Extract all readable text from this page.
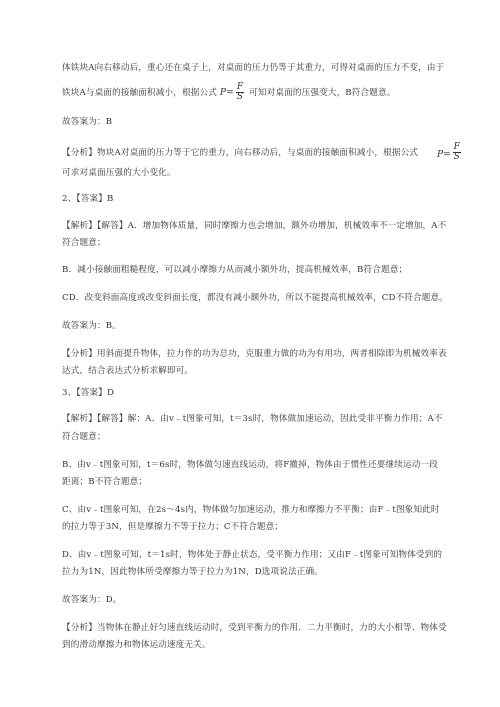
体铁块A向右移动后，重心还在桌子上，对桌面的压力仍等于其重力，可得对桌面的压力不变，由于
铁块A与桌面的接触面积减小，根据公式 $P= \frac{F}{S}$ 可知对桌面的压强变大，B符合题意。
故答案为：B
【分析】物块A对桌面的压力等于它的重力，向右移动后，与桌面的接触面积减小，根据公式	$P= \frac{F}{S}$
可求对桌面压强的大小变化。
2、【答案】B
【解析】【解答】A．增加物体质量，同时摩擦力也会增加，额外功增加，机械效率不一定增加，A不
符合题意；
B．减小接触面粗糙程度，可以减小摩擦力从而减小额外功，提高机械效率，B符合题意；
CD．改变斜面高度或改变斜面长度，都没有减小额外功，所以不能提高机械效率，CD不符合题意。
故答案为：B。
【分析】用斜面提升物体，拉力作的功为总功，克服重力做的功为有用功，两者相除即为机械效率表
达式，结合表达式分析求解即可。
3、【答案】D
【解析】【解答】解：A、由v﹣t图象可知，t＝3s时，物体做加速运动，因此受非平衡力作用；A不
符合题意；
B、由v﹣t图象可知，t＝6s时，物体做匀速直线运动，将F撤掉，物体由于惯性还要继续运动一段
距离；B不符合题意；
C、由v﹣t图象可知，在2s～4s内，物体做匀加速运动，推力和摩擦力不平衡；由F﹣t图象知此时
的拉力等于3N，但是摩擦力不等于拉力；C不符合题意；
D、由v﹣t图象可知，t＝1s时，物体处于静止状态，受平衡力作用；又由F﹣t图象可知物体受到的
拉力为1N，因此物体所受摩擦力等于拉力为1N，D选项说法正确。
故答案为：D。
【分析】当物体在静止好匀速直线运动时，受到平衡力的作用．二力平衡时，力的大小相等、物体受
到的滑动摩擦力和物体运动速度无关。
